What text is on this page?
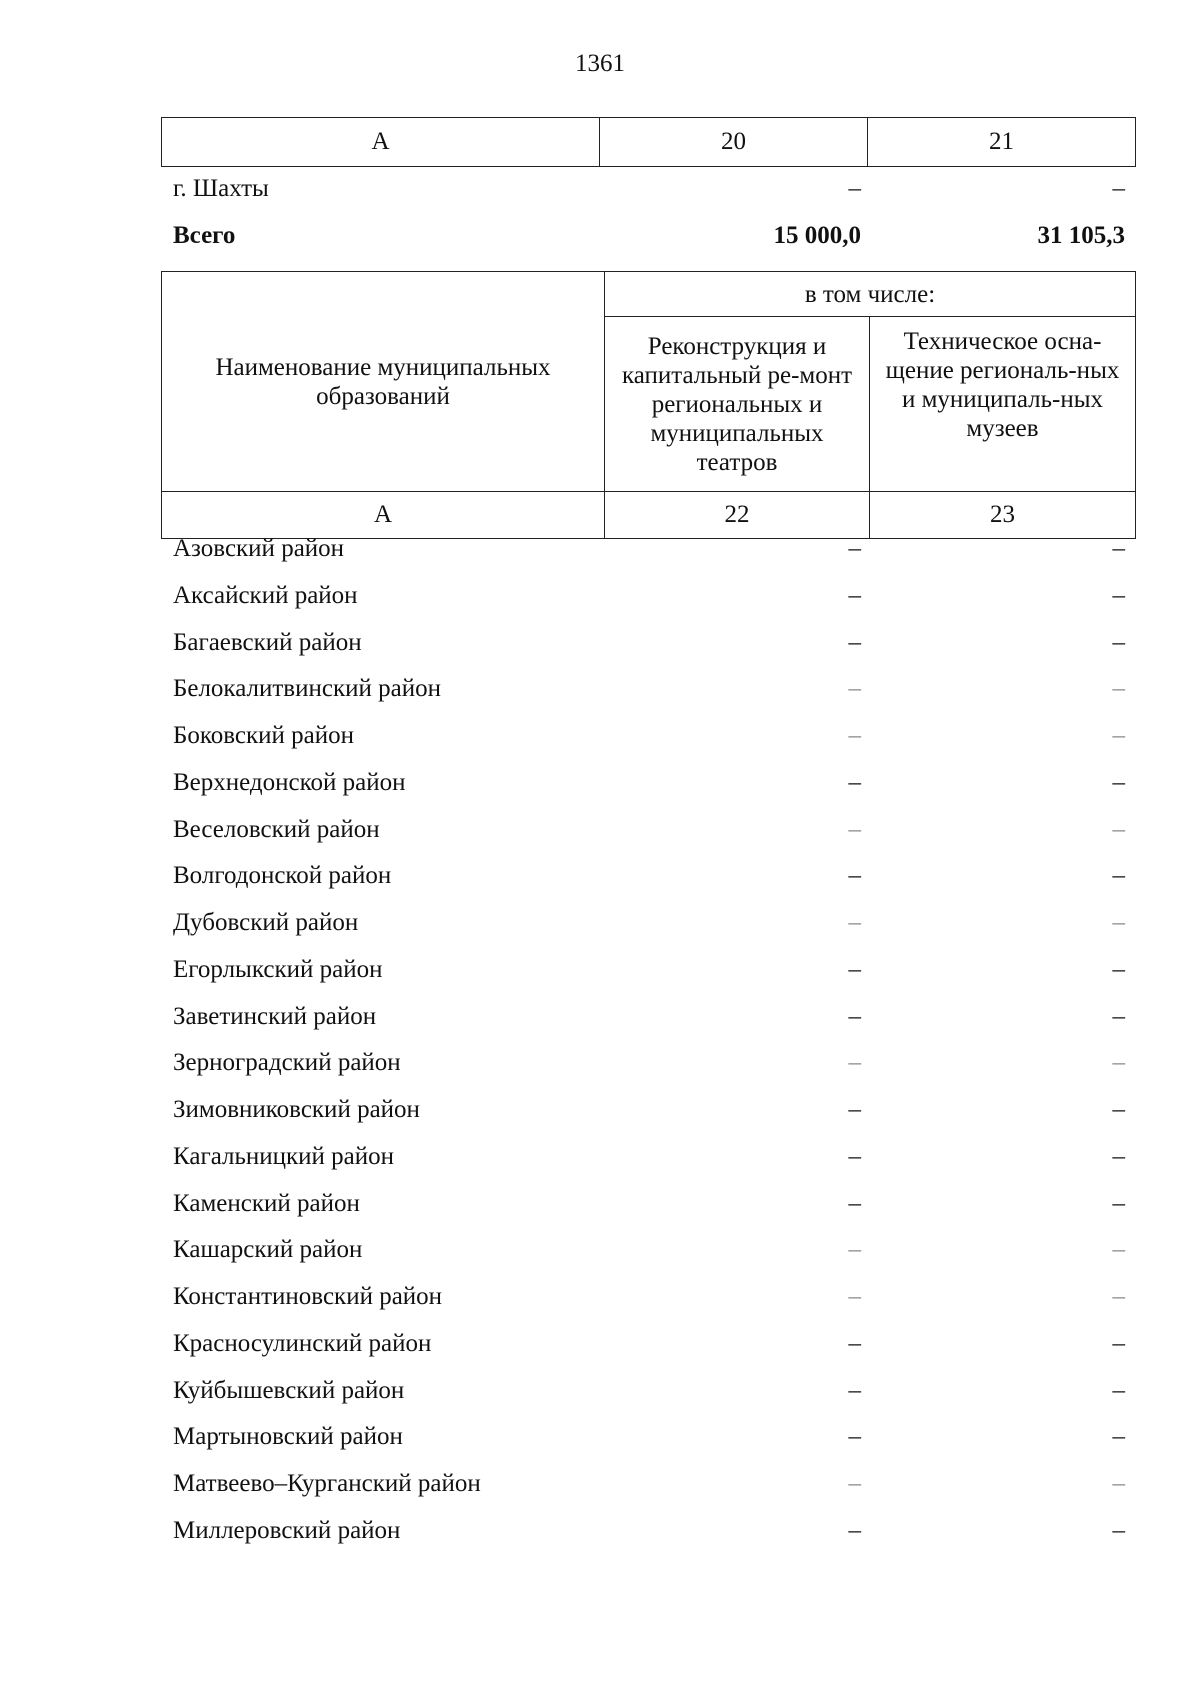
1361
А	20	21
г. Шахты	–	–
Всего	15 000,0	31 105,3
Наименование муниципальных образований	в том числе:	
	Реконструкция и капитальный ре-монт региональных и муниципальных театров	Техническое осна-щение региональ-ных и муниципаль-ных музеев
А	22	23
Азовский район	–	–
Аксайский район	–	–
Багаевский район	–	–
Белокалитвинский район	–	–
Боковский район	–	–
Верхнедонской район	–	–
Веселовский район	–	–
Волгодонской район	–	–
Дубовский район	–	–
Егорлыкский район	–	–
Заветинский район	–	–
Зерноградский район	–	–
Зимовниковский район	–	–
Кагальницкий район	–	–
Каменский район	–	–
Кашарский район	–	–
Константиновский район	–	–
Красносулинский район	–	–
Куйбышевский район	–	–
Мартыновский район	–	–
Матвеево–Курганский район	–	–
Миллеровский район	–	–
